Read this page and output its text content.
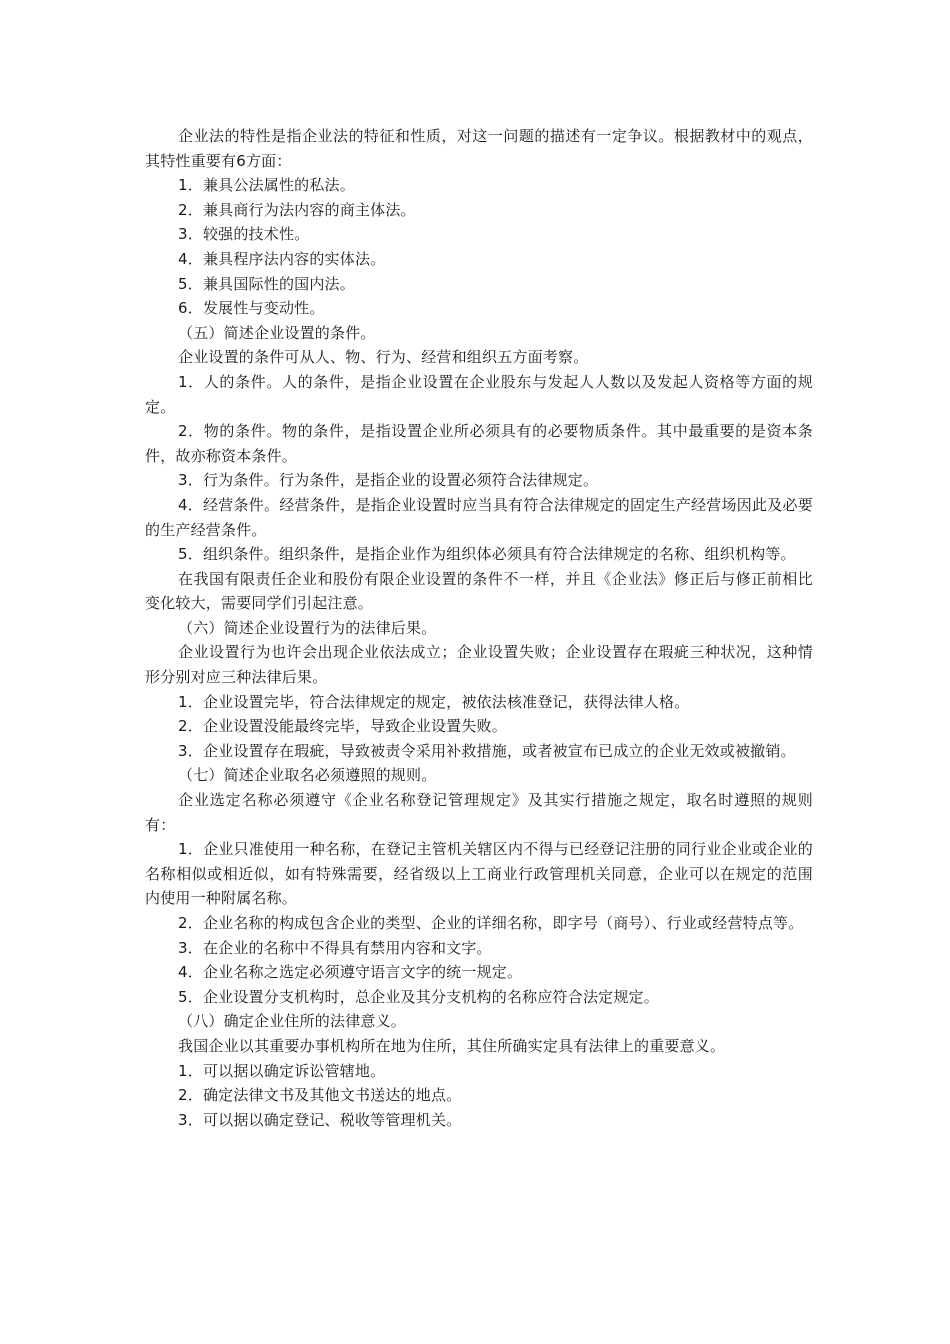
企业法的特性是指企业法的特征和性质，对这一问题的描述有一定争议。根据教材中的观点，其特性重要有6方面：

1．兼具公法属性的私法。

2．兼具商行为法内容的商主体法。

3．较强的技术性。

4．兼具程序法内容的实体法。

5．兼具国际性的国内法。

6．发展性与变动性。

（五）简述企业设置的条件。

企业设置的条件可从人、物、行为、经营和组织五方面考察。

1．人的条件。人的条件，是指企业设置在企业股东与发起人人数以及发起人资格等方面的规定。

2．物的条件。物的条件，是指设置企业所必须具有的必要物质条件。其中最重要的是资本条件，故亦称资本条件。

3．行为条件。行为条件，是指企业的设置必须符合法律规定。

4．经营条件。经营条件，是指企业设置时应当具有符合法律规定的固定生产经营场因此及必要的生产经营条件。

5．组织条件。组织条件，是指企业作为组织体必须具有符合法律规定的名称、组织机构等。

在我国有限责任企业和股份有限企业设置的条件不一样，并且《企业法》修正后与修正前相比变化较大，需要同学们引起注意。

（六）简述企业设置行为的法律后果。

企业设置行为也许会出现企业依法成立；企业设置失败；企业设置存在瑕疵三种状况，这种情形分别对应三种法律后果。

1．企业设置完毕，符合法律规定的规定，被依法核准登记，获得法律人格。

2．企业设置没能最终完毕，导致企业设置失败。

3．企业设置存在瑕疵，导致被责令采用补救措施，或者被宣布已成立的企业无效或被撤销。

（七）简述企业取名必须遵照的规则。

企业选定名称必须遵守《企业名称登记管理规定》及其实行措施之规定，取名时遵照的规则有：

1．企业只准使用一种名称，在登记主管机关辖区内不得与已经登记注册的同行业企业或企业的名称相似或相近似，如有特殊需要，经省级以上工商业行政管理机关同意，企业可以在规定的范围内使用一种附属名称。

2．企业名称的构成包含企业的类型、企业的详细名称，即字号（商号）、行业或经营特点等。

3．在企业的名称中不得具有禁用内容和文字。

4．企业名称之选定必须遵守语言文字的统一规定。

5．企业设置分支机构时，总企业及其分支机构的名称应符合法定规定。

（八）确定企业住所的法律意义。

我国企业以其重要办事机构所在地为住所，其住所确实定具有法律上的重要意义。

1．可以据以确定诉讼管辖地。

2．确定法律文书及其他文书送达的地点。

3．可以据以确定登记、税收等管理机关。
